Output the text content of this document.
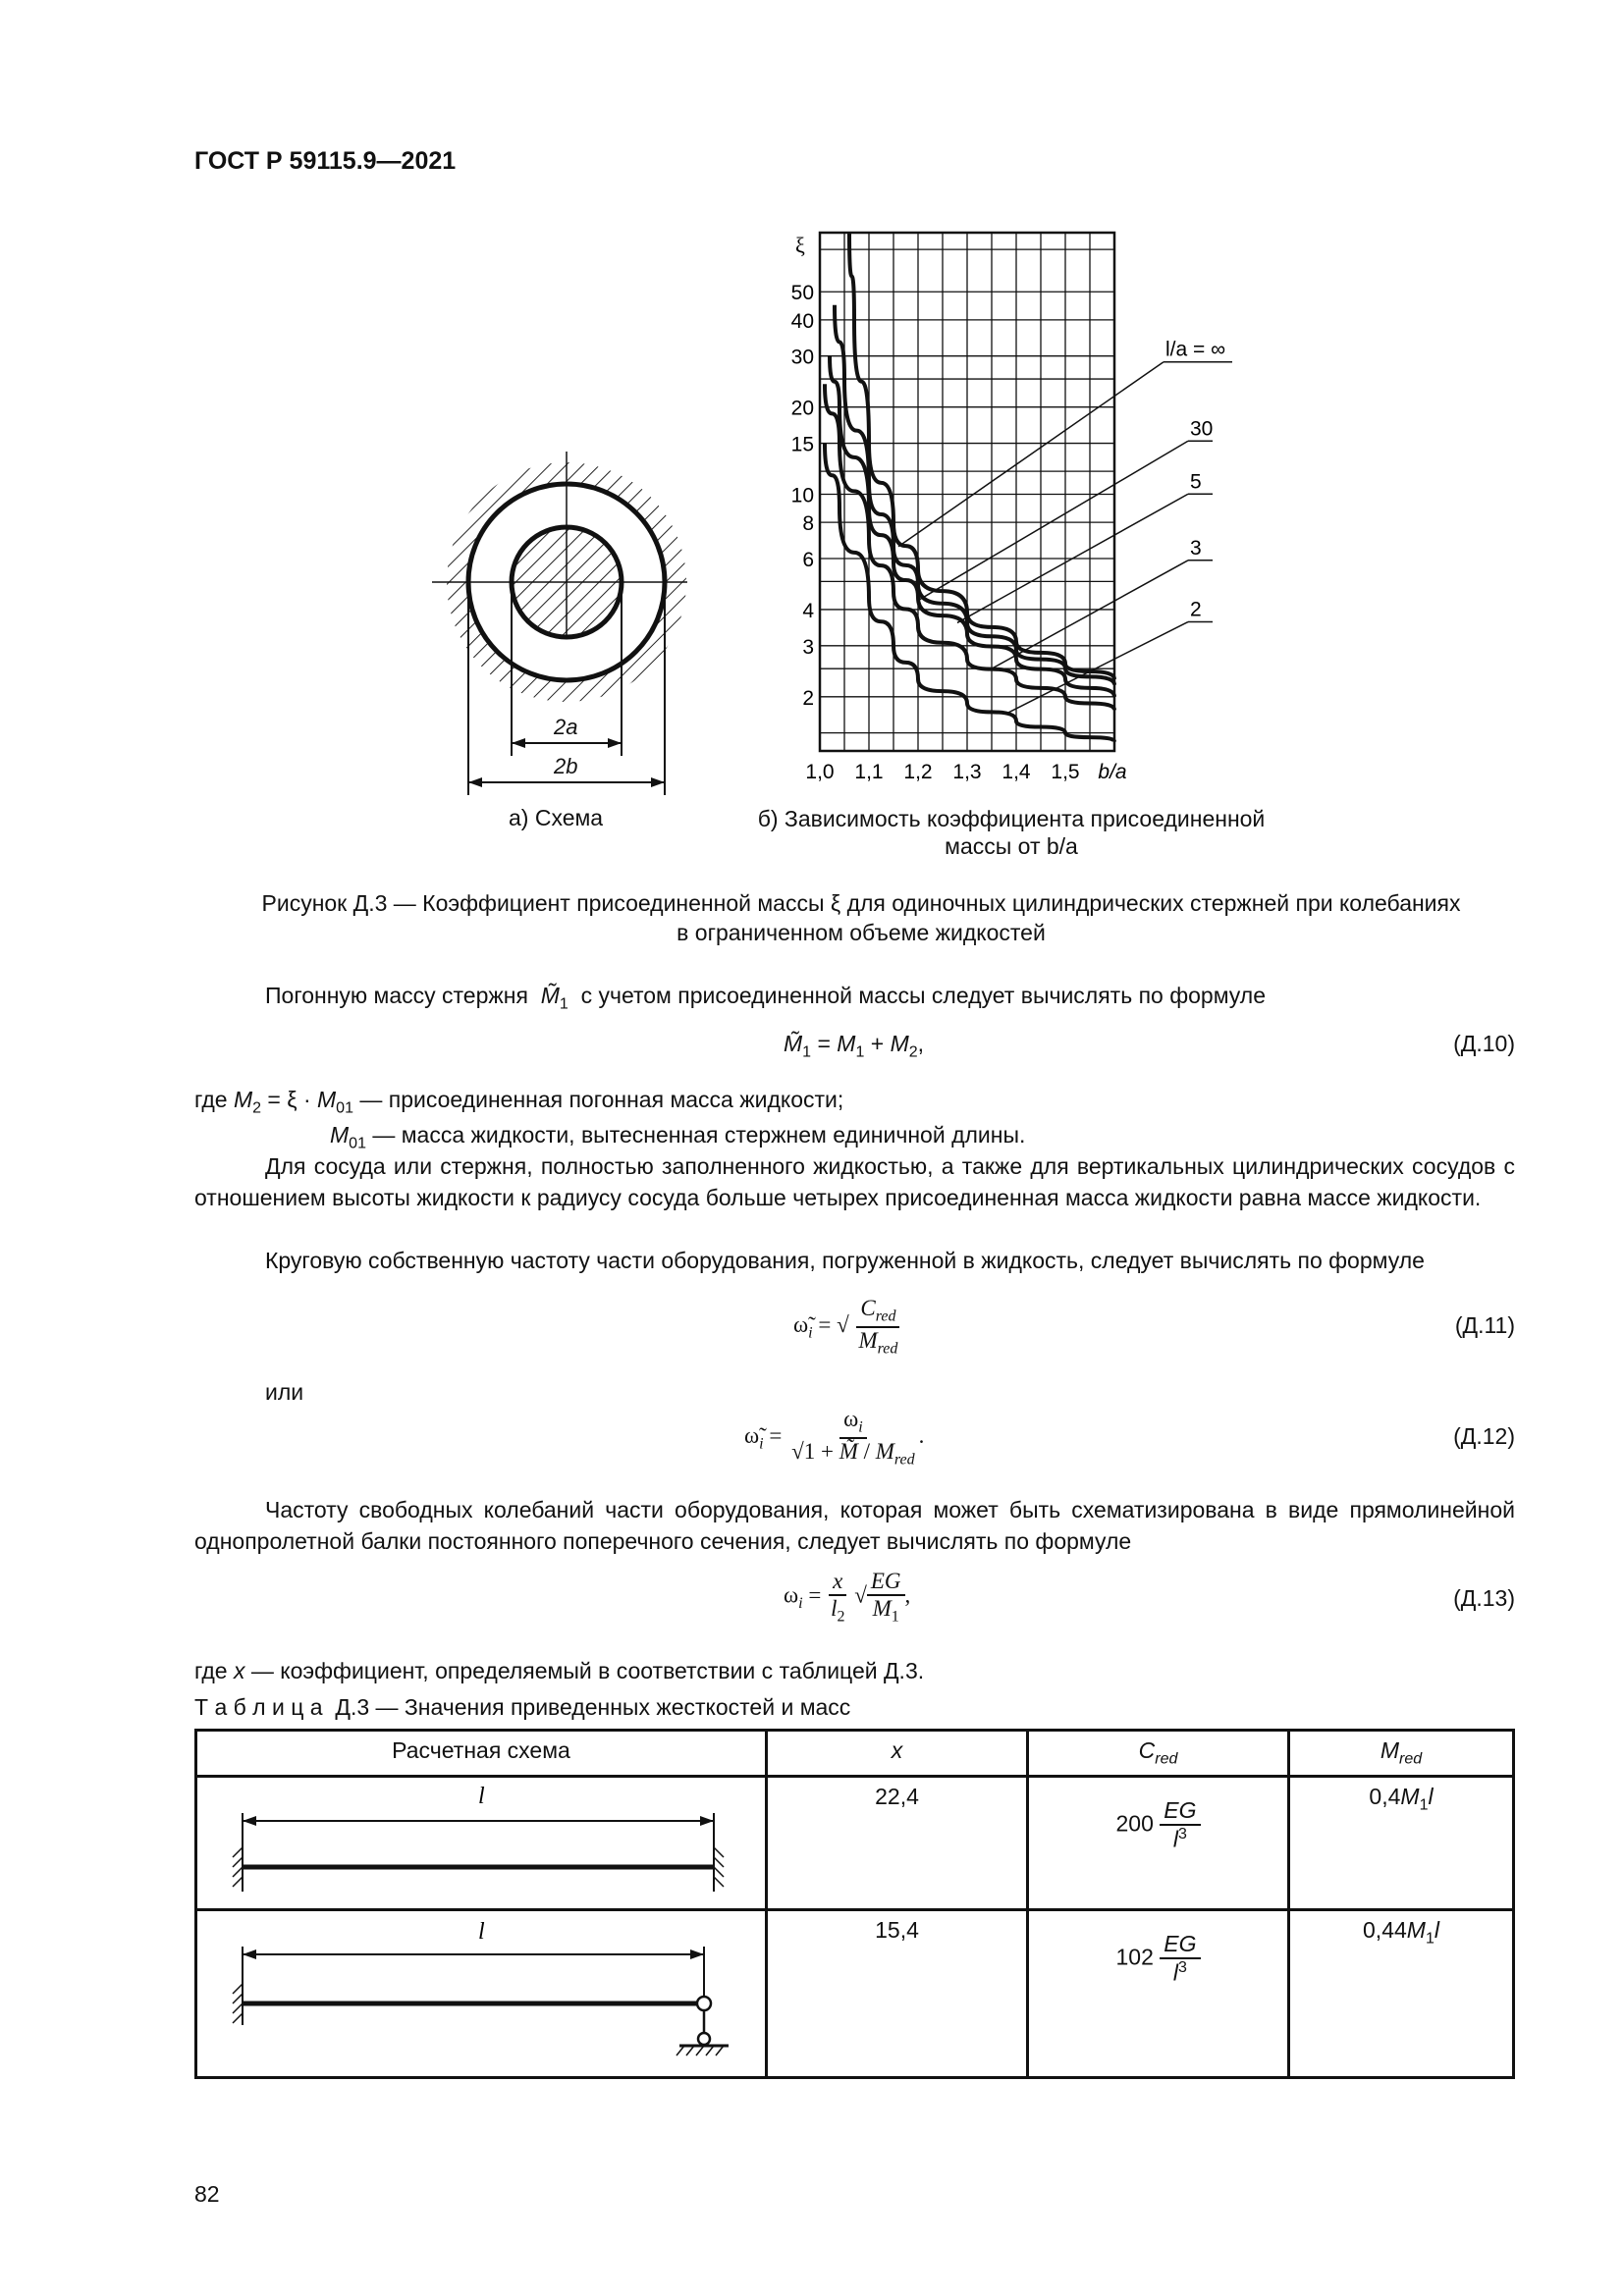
ГОСТ Р 59115.9—2021
2a
2b
а) Схема
50
40
30
20
15
10
8
6
4
3
2
ξ
1,0 1,1 1,2 1,3 1,4 1,5 b/a
l/a = ∞
30
5
3
2
б) Зависимость коэффициента присоединенной массы от b/a
Рисунок Д.3 — Коэффициент присоединенной массы ξ для одиночных цилиндрических стержней при колебаниях
в ограниченном объеме жидкостей
Погонную массу стержня  $M̃_1$ с учетом присоединенной массы следует вычислять по формуле
$M̃_1 = M_1 + M_2$,	(Д.10)
где $M_2 = \xi \cdot M_{01}$ — присоединенная погонная масса жидкости;
$M_{01}$ — масса жидкости, вытесненная стержнем единичной длины.
Для сосуда или стержня, полностью заполненного жидкостью, а также для вертикальных цилиндрических сосудов с отношением высоты жидкости к радиусу сосуда больше четырех присоединенная масса жидкости равна массе жидкости.
Круговую собственную частоту части оборудования, погруженной в жидкость, следует вычислять по формуле
$\omegã_i$ = √ $\frac{C_{red}}{M_{red}}$	(Д.11)
или
$\omegã_i = \frac{\omega_i}{√1 + M̃ / M_{red}}$ .	(Д.12)
Частоту свободных колебаний части оборудования, которая может быть схематизирована в виде прямолинейной однопролетной балки постоянного поперечного сечения, следует вычислять по формуле
$\omega_i = \frac{x}{l_2}$ √ $\frac{EG}{M_1}$ ,	(Д.13)
где x — коэффициент, определяемый в соответствии с таблицей Д.3.
Т а б л и ц а  Д.3 — Значения приведенных жесткостей и масс
Расчетная схема	x	$C_{red}$	$M_{red}$

l	22,4	$200 \frac{EG}{l^3}$	$0,4M_1l$

l	15,4	$102 \frac{EG}{l^3}$	$0,44M_1l$
82
